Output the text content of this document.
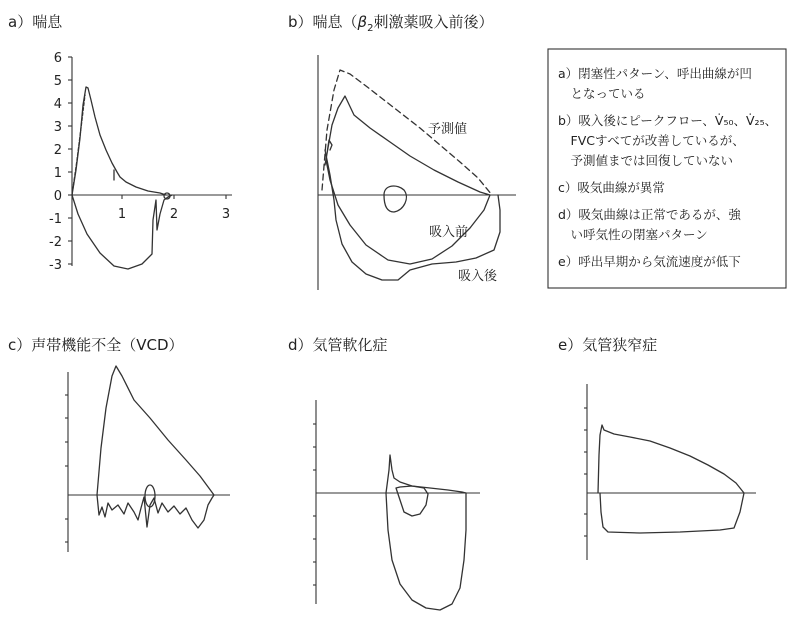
a）喘息
6
5
4
3
2
1
0
-1
-2
-3
1	2	3
b）喘息（$\beta_2$刺激薬吸入前後）
予測値
吸入前
吸入後
a）閉塞性パターン、呼出曲線が凹
　となっている
b）吸入後にピークフロー、V̇₅₀、V̇₂₅、
　FVCすべてが改善しているが、
　予測値までは回復していない
c）吸気曲線が異常
d）吸気曲線は正常であるが、強
　い呼気性の閉塞パターン
e）呼出早期から気流速度が低下
c）声帯機能不全（VCD）	d）気管軟化症	e）気管狭窄症
